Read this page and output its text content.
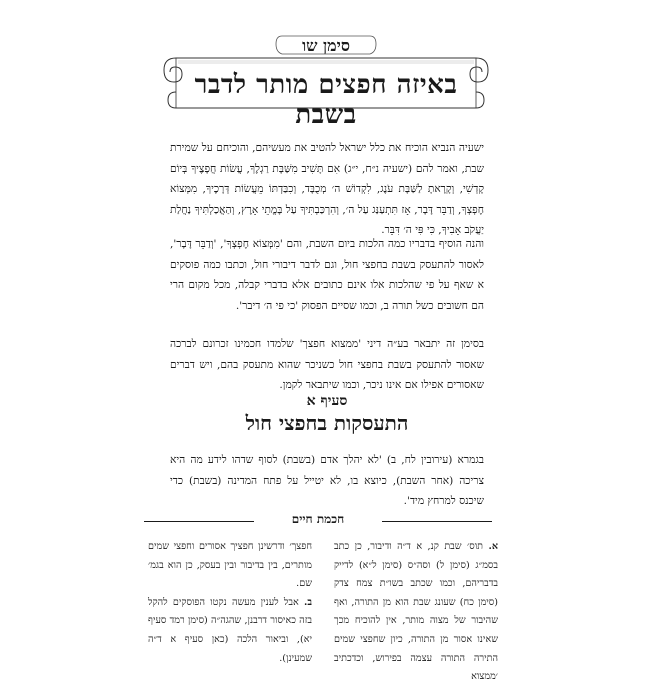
סימן שו
באיזה חפצים מותר לדבר בשבת
ישעיה הנביא הוכיח את כלל ישראל להטיב את מעשיהם, והוכיחם על שמירת שבת, ואמר להם (ישעיה נ״ח, י״ג) אִם תָּשִׁיב מִשַּׁבָּת רַגְלֶךָ, עֲשׂוֹת חֲפָצֶיךָ בְּיוֹם קָדְשִׁי, וְקָרָאתָ לַשַּׁבָּת עֹנֶג, לִקְדוֹשׁ ה׳ מְכֻבָּד, וְכִבַּדְתּוֹ מֵעֲשׂוֹת דְּרָכֶיךָ, מִמְּצוֹא חֶפְצְךָ, וְדַבֵּר דָּבָר, אָז תִּתְעַנַּג עַל ה׳, וְהִרְכַּבְתִּיךָ עַל בָּמֳתֵי אָרֶץ, וְהַאֲכַלְתִּיךָ נַחֲלַת יַעֲקֹב אָבִיךָ, כִּי פִּי ה׳ דִּבֵּר.
והנה הוסיף בדבריו כמה הלכות ביום השבת, והם 'מִמְּצוֹא חֶפְצְךָ', 'וְדַבֵּר דָּבָר', לאסור להתעסק בשבת בחפצי חול, וגם לדבר דיבורי חול, וכתבו כמה פוסקים א שאף על פי שהלכות אלו אינם כתובים אלא בדברי קבלה, מכל מקום הרי הם חשובים כשל תורה ב, וכמו שסיים הפסוק 'כי פי ה׳ דיבר'.
בסימן זה יתבאר בע״ה דיני 'ממצוא חפצך' שלמדו חכמינו זכרונם לברכה שאסור להתעסק בשבת בחפצי חול כשניכר שהוא מתעסק בהם, ויש דברים שאסורים אפילו אם אינו ניכר, וכמו שיתבאר לקמן.
סעיף א
התעסקות בחפצי חול
בגמרא (עירובין לח, ב) 'לא יהלך אדם (בשבת) לסוף שדהו לידע מה היא צריכה (אחר השבת), כיוצא בו, לא יטייל על פתח המדינה (בשבת) כדי שיכנס למרחץ מיד'.
חכמת חיים
א. תוס׳ שבת קנ, א ד״ה ודיבור, כן כתב בסמ״ג (סימן ל) וסה״ס (סימן ל״א) לדייק בדבריהם, וכמו שכתב בשו״ת צמח צדק (סימן כח) שעונג שבת הוא מן התורה, ואף שהיבור של מצוה מותר, אין להוכיח מכך שאינו אסור מן התורה, כיון שחפצי שמים התירה התורה עצמה בפירוש, וכדכתיב ׳ממצוא
חפצך׳ ודרשינן חפציך אסורים וחפצי שמים מותרים, בין בדיבור ובין בעסק, כן הוא בגמ׳ שם.
ב. אבל לענין מעשה נקטו הפוסקים להקל בזה כאיסור דרבנן, שהגה״ה (סימן רמד סעיף יא), וביאור הלכה (כאן סעיף א ד״ה שמעינן).
